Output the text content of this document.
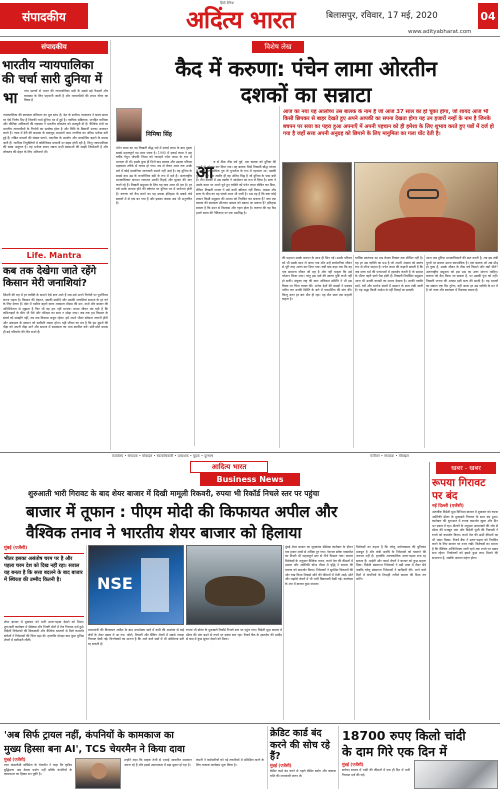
संपादकीय
हिंदी दैनिक
अदिंत्य भारत	बिलासपुर, रविवार, 17 मई, 2020	04
www.adityabharat.com
संपादकीय
भारतीय न्यायपालिका की चर्चा सारी दुनिया में
भा पांच दशकों से भारत की न्यायपालिका सदी के सबसे बड़े फैसलों और व्यवस्था के लिए पहचानी जाती है और न्यायाधीशों की शपथ गौरव का विषय है
न्यायपालिका की स्वतंत्रता संविधान का मूल स्तंभ है। देश के सर्वोच्च न्यायालय ने समय-समय पर ऐसे निर्णय दिए हैं जिनकी चर्चा दुनिया भर में हुई है। न्यायिक सक्रियता, जनहित याचिका और मौलिक अधिकारों की व्याख्या ने भारतीय लोकतंत्र को मजबूती दी है। वैश्विक मंचों पर भारतीय न्यायाधीशों के निर्णयों का उल्लेख होता है और विधि के विद्यार्थी उनका अध्ययन करते हैं। न्याय में देरी की समस्या के बावजूद अदालतें आम नागरिक का अंतिम भरोसा बनी हुई हैं। लंबित मामलों की संख्या घटाने, तकनीक के उपयोग और पारदर्शिता बढ़ाने के प्रयास जारी हैं। न्यायिक नियुक्तियों में कॉलेजियम प्रणाली पर बहस होती रही है, किंतु न्यायपालिका की साख अक्षुण्ण है। यह भरोसा बनाए रखना सभी संस्थाओं की साझी जिम्मेदारी है और लोकतंत्र की सेहत के लिए अनिवार्य भी।
Life. Mantra
कब तक देखेगा जाते रहेंगे किसान मेरी जनाशियां?
ज़िंदगी की राह में हर व्यक्ति के सामने ऐसे क्षण आते हैं जब उसे अपने निर्णयों पर पुनर्विचार करना पड़ता है। किसान की मेहनत, उसकी उम्मीदें और उसकी जनाशियां समाज के हर वर्ग के लिए प्रेरणा हैं। खेत में पसीना बहाने वाला अन्नदाता मौसम की मार, कर्ज़ और बाज़ार की अनिश्चितता से जूझता है फिर भी वह हार नहीं मानता। सच्चा जीवन मंत्र यही है कि कठिनाइयों के बीच भी धैर्य और परिश्रम का साथ न छोड़ा जाए। जब तक हम किसान के संघर्ष को समझेंगे नहीं, तब तक विकास अधूरा रहेगा। हमें अपने भीतर संवेदना जगानी होगी और अन्नदाता के सम्मान को सर्वोपरि रखना होगा। यही जीवन का मंत्र है कि हम दूसरों की पीड़ा को अपनी पीड़ा मानें और समाज में समरसता का भाव स्थापित करें। छोटे-छोटे प्रयास ही बड़े परिवर्तन की नींव बनते हैं।
विशेष लेख
कैद में करुणा: पंचेन लामा ओरतीन
दशकों का सन्नाटा
आज का नया यह आलोच्य उस बालक के नाम है जो आज 37 साल का हो चुका होगा, जो शायद आज भी किसी छिपकर से बाहर देखते हुए अपने आपकी का सपना देखता होगा यह उन हजारों नन्हों के नाम है जिनके बचपन पर सत्ता का पहरा हुआ अपनाएँ में अपनी पहचान को ही हमेशा के लिए शुभाव करते हुए पन्नों में दर्ज हो गया है जहाँ सत्ता अपनी अनुग्रह को छिपाने के लिए मानुमिता का गला घोंट देती है।
निमिषा सिंह
पंचेन लामा का पद तिब्बती बौद्ध धर्म में दलाई लामा के बाद दूसरा सबसे महत्वपूर्ण पद माना जाता है। 1995 में दलाई लामा ने छह वर्षीय गेधुन चोएकी न्यिमा को ग्यारहवें पंचेन लामा के रूप में मान्यता दी थी। इसके कुछ ही दिनों बाद बालक और उसका परिवार रहस्यमय तरीके से गायब हो गया। तब से लेकर आज तक उनके बारे में कोई प्रामाणिक जानकारी सामने नहीं आई है। यह दुनिया के सबसे कम उम्र के राजनीतिक बंदी के रूप में दर्ज है। अंतरराष्ट्रीय मानवाधिकार संगठन लगातार उनकी रिहाई और सुरक्षा की मांग करते रहे हैं। तिब्बती समुदाय के लिए यह घाव आज भी हरा है। हर वर्ष उनके लापता होने की वर्षगांठ पर दुनिया भर में प्रार्थनाएं होती हैं। करुणा को कैद करने का यह प्रयास इतिहास के सबसे लंबे सन्नाटों में से एक बन गया है और इसका जवाब अब भी अनुत्तरित है।
आ
ज से ठीक तीस वर्ष पूर्व, एक बालक को दुनिया की नज़रों से ओझल कर दिया गया। वह बालक जिसे तिब्बती बौद्ध परंपरा ने अपने आध्यात्मिक गुरु के पुनर्जन्म के रूप में पहचाना था। उसकी मुस्कान की एक तस्वीर ही वह अंतिम चिह्न है जो दुनिया के पास बची है। तीन दशकों में उस तस्वीर ने आंदोलन का रूप ले लिया है। सत्ता ने उसके स्थान पर अपने चुने हुए व्यक्ति को पंचेन लामा घोषित कर दिया, लेकिन तिब्बती जनता ने उसे कभी स्वीकार नहीं किया। आस्था और सत्ता के बीच का यह संघर्ष आज भी जारी है। प्रश्न यह है कि क्या कोई शासन किसी समुदाय की आत्मा को नियंत्रित कर सकता है? क्या एक बालक की स्वतंत्रता छीनकर आस्था को दबाया जा सकता है? इतिहास बताता है कि दमन से विश्वास और गहरा होता है। करुणा की यह कैद हमारे समय की नैतिकता पर एक प्रश्नचिह्न है।
की पहचान उसके बचपन के साथ ही छिन गई। उसके परिवार को भी उसके साथ ले जाया गया और उन्हें सार्वजनिक जीवन से पूरी तरह अलग कर दिया गया। वर्षों बाद कहा गया कि वह एक सामान्य जीवन जी रहा है और नहीं चाहता कि उसे परेशान किया जाए। परंतु इस दावे की स्वतंत्र पुष्टि कभी नहीं हो सकी। संयुक्त राष्ट्र की बाल अधिकार समिति ने भी इस विषय पर चिंता व्यक्त की। अनेक देशों की संसदों ने प्रस्ताव पारित कर उनकी स्थिति के बारे में पारदर्शिता की मांग की। किन्तु उत्तर हर बार मौन ही रहा। यह मौन स्वयं एक कहानी कहता है।
धार्मिक स्वतंत्रता का प्रश्न केवल तिब्बत तक सीमित नहीं है। यह हर उस व्यक्ति का प्रश्न है जो अपनी आस्था को स्वतंत्र रूप से जीना चाहता है। पंचेन लामा की कहानी बताती है कि जब सत्ता धर्म की परंपराओं में हस्तक्षेप करती है तो समाज के भीतर गहरी दरारें पैदा होती हैं। तिब्बती निर्वासित समुदाय आज भी उनकी वापसी का सपना देखता है। उनकी तस्वीर मठों, घरों और प्रार्थना स्थलों में सम्मान के साथ रखी जाती है। यह श्रद्धा किसी आदेश से नहीं मिटाई जा सकती।
आज जब दुनिया मानवाधिकारों की बात करती है, तब इस लंबी चुप्पी पर सवाल उठना स्वाभाविक है। एक बालक जो अब प्रौढ़ हो चुका है, उसके जीवन के तीस वर्ष किसने और क्यों छीने? अंतरराष्ट्रीय समुदाय को इस प्रश्न का उत्तर मांगना चाहिए। करुणा को कैद किया जा सकता है, पर उसकी गूंज को नहीं। तिब्बती जनता की आस्था इसी सत्य की साक्षी है। यह दशकों का सन्नाटा एक दिन टूटेगा, यही आशा हर उस व्यक्ति के मन में है जो न्याय और स्वतंत्रता में विश्वास रखता है।
कार्यालय • संपादक • मोबाइल • स्वत्वाधिकारी • प्रकाशक • मुद्रक • दूरभाष	पंजीयन • संपादक • मोबाइल
आदित्य भारत
Business News
शुरुआती भारी गिरावट के बाद शेयर बाजार में दिखी मामूली रिकवरी, रुपया भी रिकॉर्ड निचले स्तर पर पहुंचा
बाजार में तूफान : पीएम मोदी की किफायत अपील और
वैश्विक तनाव ने भारतीय शेयर बाजार को हिलाया
मुंबई (एजेंसी)
भीतर इसका असंतोष चरम पर है और पहला चरम देश को दिख नहीं रहा। सवाल यह बनता है कि सत्ता बदलने के बाद बाजार में स्थिरता की उम्मीद कितनी है।
शेयर बाजार में शुक्रवार को भारी उतार-चढ़ाव देखने को मिला। शुरुआती कारोबार में सेंसेक्स और निफ्टी दोनों में तेज गिरावट दर्ज हुई। विदेशी निवेशकों की बिकवाली और वैश्विक बाजारों से मिले कमजोर संकेतों ने निवेशकों की चिंता बढ़ा दी। हालांकि दोपहर बाद कुछ चुनिंदा शेयरों में खरीदारी लौटी।
NSE
प्रधानमंत्री की किफायत अपील के बाद उपभोक्ता खर्च में कमी की आशंका से कई क्षेत्रों के शेयर दबाव में आ गए। ऑटो, रियल्टी और बैंकिंग शेयरों में सबसे ज्यादा गिरावट देखी गई। विश्लेषकों का मानना है कि आने वाले सत्रों में भी अस्थिरता बनी रह सकती है।
रुपया भी डॉलर के मुकाबले रिकॉर्ड निचले स्तर पर पहुंच गया। विदेशी मुद्रा बाजार में डॉलर की मांग बढ़ने से रुपये पर दबाव बना रहा। रिजर्व बैंक के हस्तक्षेप की उम्मीद से बाद में कुछ सुधार देखने को मिला।
मुंबई शेयर बाजार का सूचकांक सेंसेक्स कारोबार के दौरान एक हजार अंकों से अधिक टूट गया। नेशनल स्टॉक एक्सचेंज का निफ्टी भी महत्वपूर्ण स्तर से नीचे फिसल गया। बाजार विशेषज्ञों के अनुसार वैश्विक तनाव, कच्चे तेल की कीमतों में उछाल और अमेरिकी बॉन्ड यील्ड में वृद्धि ने बाजार की धारणा को कमजोर किया। निवेशकों ने सुरक्षित विकल्पों की ओर रुख किया जिससे सोने की कीमतों में तेजी आई। छोटे और मझोले शेयरों में भी भारी बिकवाली देखी गई। कारोबार के अंत में बाजार कुछ संभला।
विशेषज्ञों का कहना है कि घरेलू अर्थव्यवस्था की बुनियाद मजबूत है और लंबी अवधि के निवेशकों को घबराने की जरूरत नहीं है। हालांकि अल्पकालिक उतार-चढ़ाव बना रह सकता है। आईटी और फार्मा शेयरों ने बाजार को कुछ सहारा दिया। विदेशी संस्थागत निवेशकों ने बड़ी मात्रा में शेयर बेचे जबकि घरेलू संस्थागत निवेशकों ने खरीदारी की। आने वाले दिनों में कंपनियों के तिमाही नतीजे बाजार की दिशा तय करेंगे।
खबर - खबर
रूपया गिरावट पर बंद
नई दिल्ली (एजेंसी)
अंतरबैंक विदेशी मुद्रा विनिमय बाजार में शुक्रवार को रुपया अमेरिकी डॉलर के मुकाबले गिरावट के साथ बंद हुआ। कारोबार की शुरुआत में रुपया कमजोर खुला और दिन भर दबाव में रहा। डीलरों के अनुसार आयातकों की ओर से डॉलर की मजबूत मांग और विदेशी पूंजी की निकासी ने रुपये को कमजोर किया। कच्चे तेल की ऊंची कीमतों का भी असर दिखा। रिजर्व बैंक ने उतार-चढ़ाव को नियंत्रित करने के लिए बाजार पर नजर रखी। विशेषज्ञों का मानना है कि वैश्विक अनिश्चितता जारी रहने तक रुपये पर दबाव बना रहेगा। निर्यातकों को इससे कुछ लाभ मिलने की संभावना है, जबकि आयात महंगा होगा।
'अब सिर्फ ट्रायल नहीं, कंपनियों के कामकाज का
मुख्य हिस्सा बना AI', TCS चेयरमैन ने किया दावा
मुंबई (एजेंसी)
टाटा कंसल्टेंसी सर्विसेज के चेयरमैन ने कहा कि कृत्रिम बुद्धिमत्ता अब केवल प्रयोग नहीं बल्कि कंपनियों के कामकाज का हिस्सा बन चुकी है।
उन्होंने कहा कि ग्राहक तेजी से एआई आधारित समाधान अपना रहे हैं और इससे उत्पादकता में बड़ा सुधार हो रहा है।
कंपनी ने कर्मचारियों को नई तकनीकों में प्रशिक्षित करने के लिए व्यापक कार्यक्रम शुरू किया है।
क्रेडिट कार्ड बंद करने की सोच रहे हैं?
मुंबई (एजेंसी)
क्रेडिट कार्ड बंद करने से पहले क्रेडिट स्कोर और बकाया राशि की जानकारी जरूर लें।
18700 रुपए किलो चांदी
के दाम गिरे एक दिन में
मुंबई (एजेंसी)
सर्राफा बाजार में चांदी की कीमतों में एक ही दिन में भारी गिरावट दर्ज की गई।
